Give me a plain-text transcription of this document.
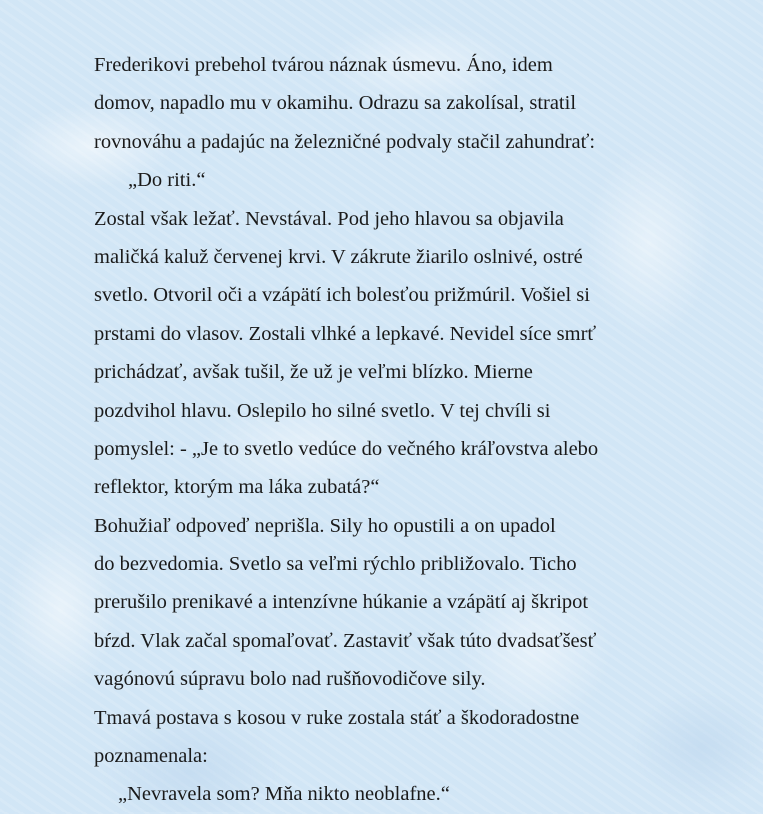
Frederikovi prebehol tvárou náznak úsmevu. Áno, idem
domov, napadlo mu v okamihu. Odrazu sa zakolísal, stratil
rovnováhu a padajúc na železničné podvaly stačil zahundrať:
„Do riti.“
Zostal však ležať. Nevstával. Pod jeho hlavou sa objavila
maličká kaluž červenej krvi. V zákrute žiarilo oslnivé, ostré
svetlo. Otvoril oči a vzápätí ich bolesťou prižmúril. Vošiel si
prstami do vlasov. Zostali vlhké a lepkavé. Nevidel síce smrť
prichádzať, avšak tušil, že už je veľmi blízko. Mierne
pozdvihol hlavu. Oslepilo ho silné svetlo. V tej chvíli si
pomyslel: - „Je to svetlo vedúce do večného kráľovstva alebo
reflektor, ktorým ma láka zubatá?“
Bohužiaľ odpoveď neprišla. Sily ho opustili a on upadol
do bezvedomia. Svetlo sa veľmi rýchlo približovalo. Ticho
prerušilo prenikavé a intenzívne húkanie a vzápätí aj škripot
bŕzd. Vlak začal spomaľovať. Zastaviť však túto dvadsaťšesť
vagónovú súpravu bolo nad rušňovodičove sily.
Tmavá postava s kosou v ruke zostala stáť a škodoradostne
poznamenala:
„Nevravela som? Mňa nikto neoblafne.“
